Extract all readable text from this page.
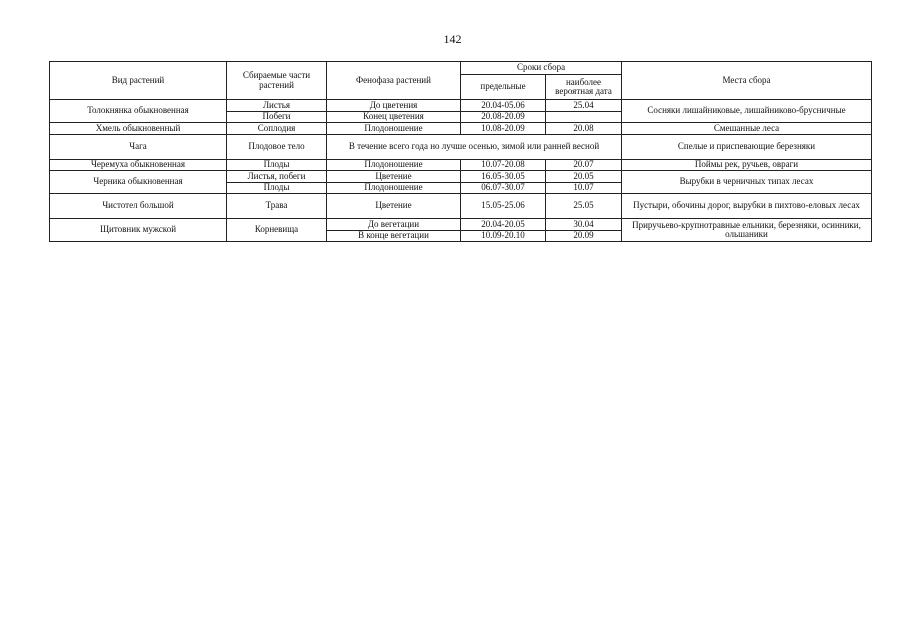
142
Вид растений	Сбираемые части растений	Фенофаза растений	Сроки сбора		Места сбора
			предельные	наиболее вероятная дата	
Толокнянка обыкновенная	Листья	До цветения	20.04-05.06	25.04	Сосняки лишайниковые, лишайниково-брусничные
	Побеги	Конец цветения	20.08-20.09		
Хмель обыкновенный	Соплодия	Плодоношение	10.08-20.09	20.08	Смешанные леса
Чага	Плодовое тело	В течение всего года но лучше осенью, зимой или ранней весной			Спелые и приспевающие березняки
Черемуха обыкновенная	Плоды	Плодоношение	10.07-20.08	20.07	Поймы рек, ручьев, овраги
Черника обыкновенная	Листья, побеги	Цветение	16.05-30.05	20.05	Вырубки в черничных типах лесах
	Плоды	Плодоношение	06.07-30.07	10.07	
Чистотел большой	Трава	Цветение	15.05-25.06	25.05	Пустыри, обочины дорог, вырубки в пихтово-еловых лесах
Щитовник мужской	Корневища	До вегетации	20.04-20.05	30.04	Приручьево-крупнотравные ельники, березняки, осинники, ольшаники
		В конце вегетации	10.09-20.10	20.09	
